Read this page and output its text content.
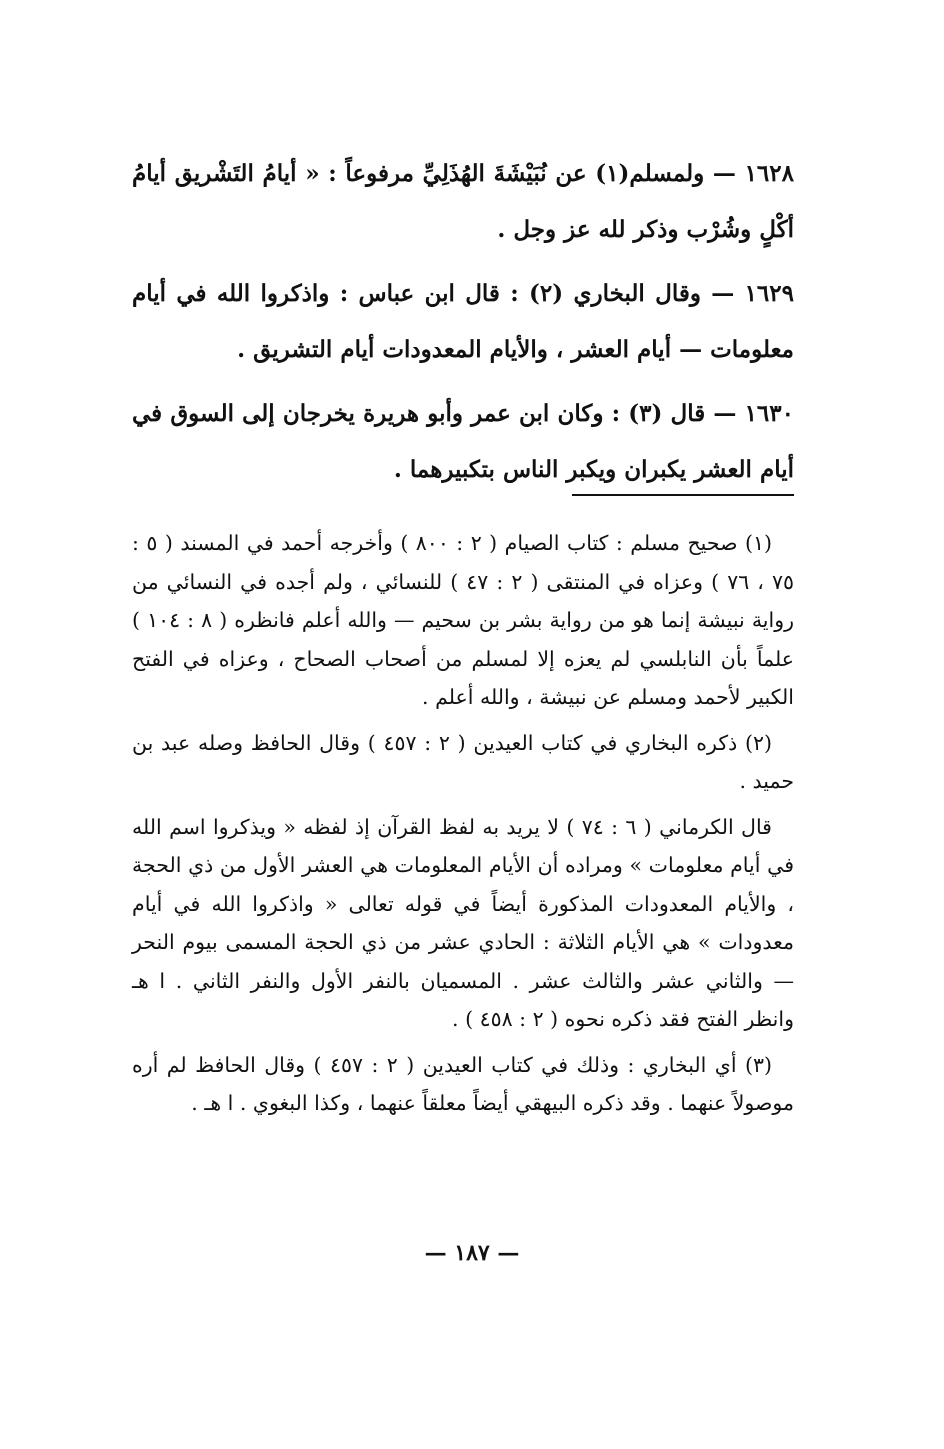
١٦٢٨ — ولمسلم(١) عن نُبَيْشَةَ الهُذَلِيِّ مرفوعاً : « أيامُ التَشْريق أيامُ أكْلٍ وشُرْب وذكر لله عز وجل .

١٦٢٩ — وقال البخاري (٢) : قال ابن عباس : واذكروا الله في أيام معلومات — أيام العشر ، والأيام المعدودات أيام التشريق .

١٦٣٠ — قال (٣) : وكان ابن عمر وأبو هريرة يخرجان إلى السوق في أيام العشر يكبران ويكبر الناس بتكبيرهما .

(١) صحيح مسلم : كتاب الصيام ( ٢ : ٨٠٠ ) وأخرجه أحمد في المسند ( ٥ : ٧٥ ، ٧٦ ) وعزاه في المنتقى ( ٢ : ٤٧ ) للنسائي ، ولم أجده في النسائي من رواية نبيشة إنما هو من رواية بشر بن سحيم — والله أعلم فانظره ( ٨ : ١٠٤ ) علماً بأن النابلسي لم يعزه إلا لمسلم من أصحاب الصحاح ، وعزاه في الفتح الكبير لأحمد ومسلم عن نبيشة ، والله أعلم .

(٢) ذكره البخاري في كتاب العيدين ( ٢ : ٤٥٧ ) وقال الحافظ وصله عبد بن حميد .

قال الكرماني ( ٦ : ٧٤ ) لا يريد به لفظ القرآن إذ لفظه « ويذكروا اسم الله في أيام معلومات » ومراده أن الأيام المعلومات هي العشر الأول من ذي الحجة ، والأيام المعدودات المذكورة أيضاً في قوله تعالى « واذكروا الله في أيام معدودات » هي الأيام الثلاثة : الحادي عشر من ذي الحجة المسمى بيوم النحر — والثاني عشر والثالث عشر . المسميان بالنفر الأول والنفر الثاني . ا هـ وانظر الفتح فقد ذكره نحوه ( ٢ : ٤٥٨ ) .

(٣) أي البخاري : وذلك في كتاب العيدين ( ٢ : ٤٥٧ ) وقال الحافظ لم أره موصولاً عنهما . وقد ذكره البيهقي أيضاً معلقاً عنهما ، وكذا البغوي . ا هـ .

— ١٨٧ —
